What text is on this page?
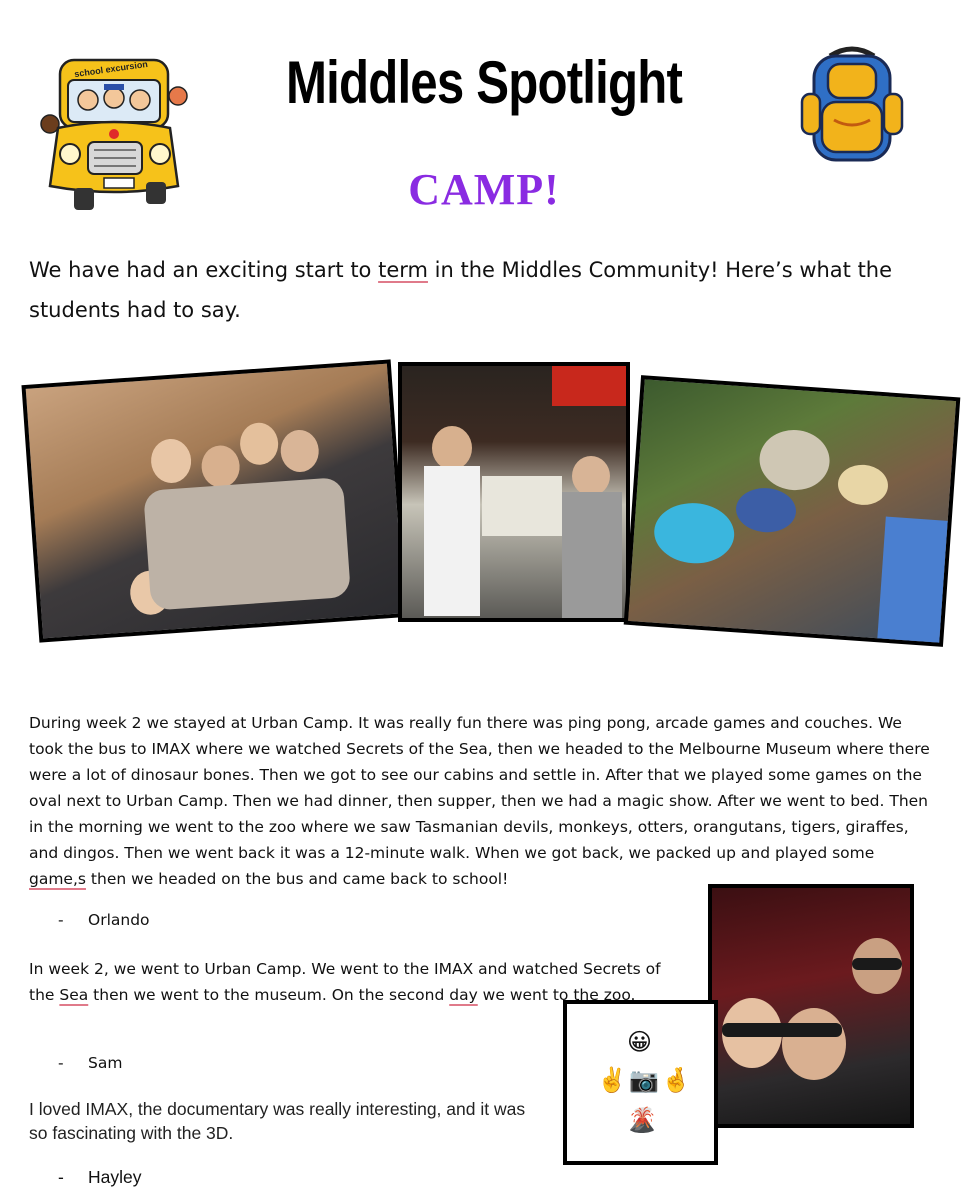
school excursion	Middles Spotlight
CAMP!
We have had an exciting start to term in the Middles Community! Here’s what the students had to say.
😀
✌️ 📷 🤞
🌋
During week 2 we stayed at Urban Camp. It was really fun there was ping pong, arcade games and couches. We took the bus to IMAX where we watched Secrets of the Sea, then we headed to the Melbourne Museum where there were a lot of dinosaur bones. Then we got to see our cabins and settle in. After that we played some games on the oval next to Urban Camp. Then we had dinner, then supper, then we had a magic show. After we went to bed. Then in the morning we went to the zoo where we saw Tasmanian devils, monkeys, otters, orangutans, tigers, giraffes, and dingos. Then we went back it was a 12-minute walk. When we got back, we packed up and played some game,s then we headed on the bus and came back to school!
- Orlando
In week 2, we went to Urban Camp. We went to the IMAX and watched Secrets of the Sea then we went to the museum. On the second day we went to the zoo.
- Sam
I loved IMAX, the documentary was really interesting, and it was so fascinating with the 3D.
- Hayley
